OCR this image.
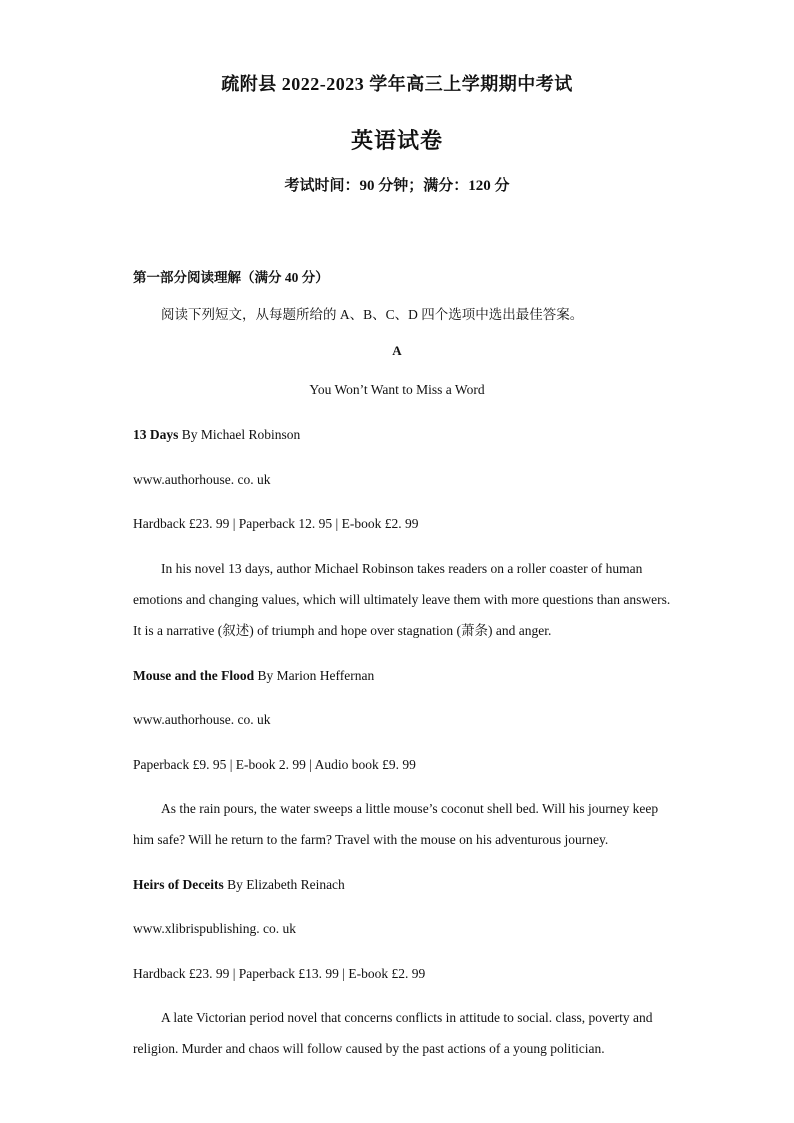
疏附县 2022-2023 学年高三上学期期中考试
英语试卷
考试时间：90 分钟；满分：120 分
第一部分阅读理解（满分 40 分）
阅读下列短文，从每题所给的 A、B、C、D 四个选项中选出最佳答案。
A
You Won’t Want to Miss a Word
13 Days By Michael Robinson
www.authorhouse. co. uk
Hardback £23. 99 | Paperback 12. 95 | E-book £2. 99
In his novel 13 days, author Michael Robinson takes readers on a roller coaster of human emotions and changing values, which will ultimately leave them with more questions than answers. It is a narrative (叙述) of triumph and hope over stagnation (萧条) and anger.
Mouse and the Flood By Marion Heffernan
www.authorhouse. co. uk
Paperback £9. 95 | E-book 2. 99 | Audio book £9. 99
As the rain pours, the water sweeps a little mouse’s coconut shell bed. Will his journey keep him safe? Will he return to the farm? Travel with the mouse on his adventurous journey.
Heirs of Deceits By Elizabeth Reinach
www.xlibrispublishing. co. uk
Hardback £23. 99 | Paperback £13. 99 | E-book £2. 99
A late Victorian period novel that concerns conflicts in attitude to social. class, poverty and religion. Murder and chaos will follow caused by the past actions of a young politician.
